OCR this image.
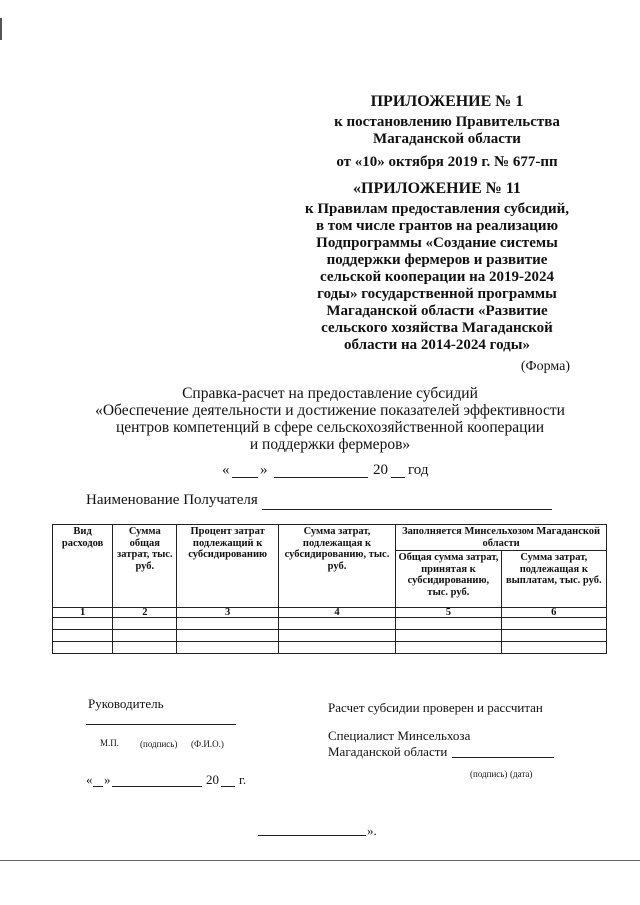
ПРИЛОЖЕНИЕ № 1
к постановлению Правительства
Магаданской области
от «10» октября 2019 г. № 677-пп
«ПРИЛОЖЕНИЕ № 11
к Правилам предоставления субсидий,
в том числе грантов на реализацию
Подпрограммы «Создание системы
поддержки фермеров и развитие
сельской кооперации на 2019-2024
годы» государственной программы
Магаданской области «Развитие
сельского хозяйства Магаданской
области на 2014-2024 годы»
(Форма)
Справка-расчет на предоставление субсидий
«Обеспечение деятельности и достижение показателей эффективности
центров компетенций в сфере сельскохозяйственной кооперации
и поддержки фермеров»
« »	20 год
Наименование Получателя
Вид расходов	Сумма общая затрат, тыс. руб.	Процент затрат подлежащий к субсидированию	Сумма затрат, подлежащая к субсидированию, тыс. руб.	Заполняется Минсельхозом Магаданской области	
				Общая сумма затрат, принятая к субсидированию, тыс. руб.	Сумма затрат, подлежащая к выплатам, тыс. руб.
1	2	3	4	5	6

Руководитель
М.П. (подпись) (Ф.И.О.)
« »	20 г.
Расчет субсидии проверен и рассчитан
Специалист Минсельхоза
Магаданской области
(подпись) (дата)
».
